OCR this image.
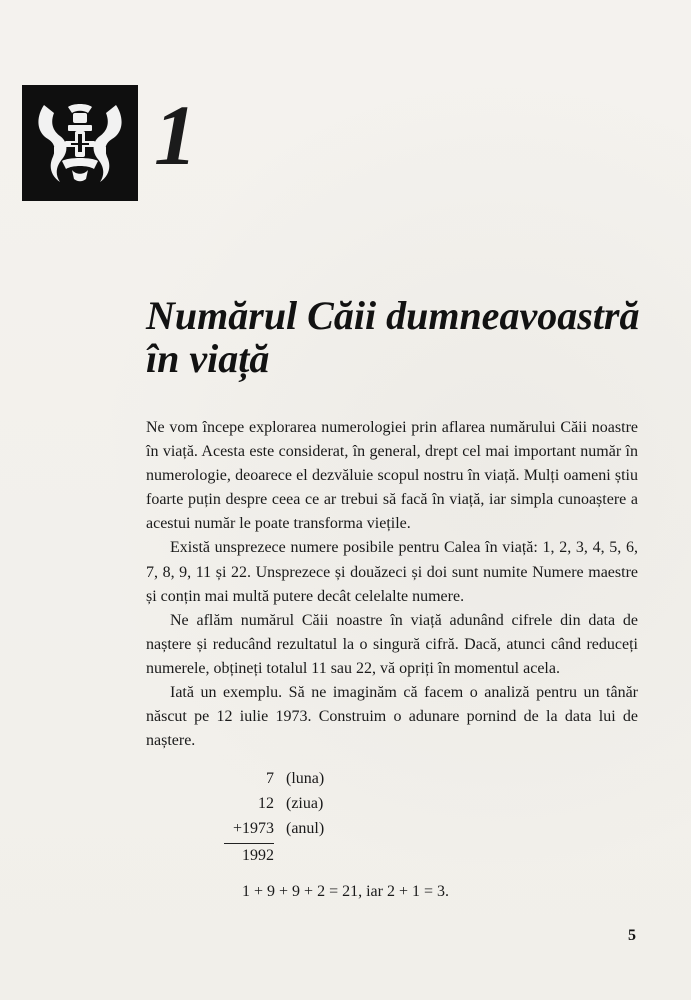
1
Numărul Căii dumneavoastră
în viață

Ne vom începe explorarea numerologiei prin aflarea numărului Căii noastre în viață. Acesta este considerat, în general, drept cel mai important număr în numerologie, deoarece el dezvăluie scopul nostru în viață. Mulți oameni știu foarte puțin despre ceea ce ar trebui să facă în viață, iar simpla cunoaștere a acestui număr le poate transforma viețile.

Există unsprezece numere posibile pentru Calea în viață: 1, 2, 3, 4, 5, 6, 7, 8, 9, 11 și 22. Unsprezece și douăzeci și doi sunt numite Numere maestre și conțin mai multă putere decât celelalte numere.

Ne aflăm numărul Căii noastre în viață adunând cifrele din data de naștere și reducând rezultatul la o singură cifră. Dacă, atunci când reduceți numerele, obțineți totalul 11 sau 22, vă opriți în momentul acela.

Iată un exemplu. Să ne imaginăm că facem o analiză pentru un tânăr născut pe 12 iulie 1973. Construim o adunare pornind de la data lui de naștere.

7 (luna)
12 (ziua)
+1973 (anul)
1992
1 + 9 + 9 + 2 = 21, iar 2 + 1 = 3.
5
